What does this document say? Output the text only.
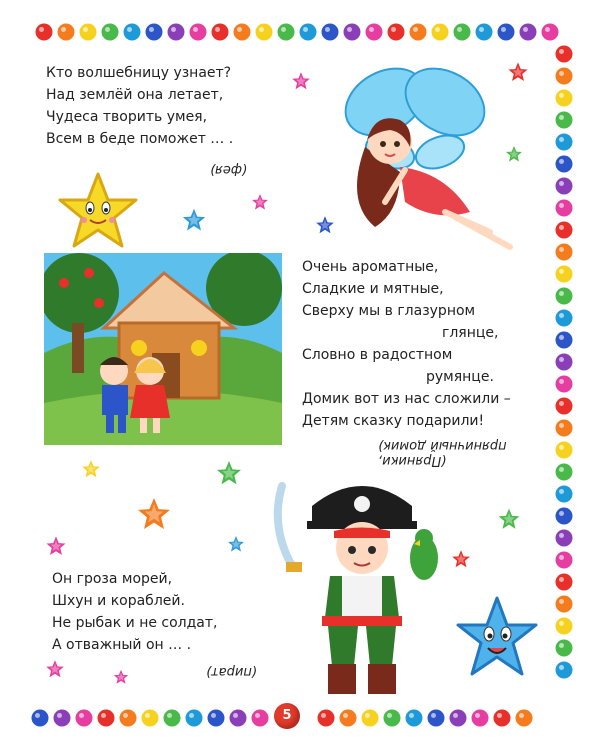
Кто волшебницу узнает?
Над землёй она летает,
Чудеса творить умея,
Всем в беде поможет … .
(фея)
Очень ароматные,
Сладкие и мятные,
Сверху мы в глазурном
глянце,
Словно в радостном
румянце.
Домик вот из нас сложили –
Детям сказку подарили!
(Пряники,
пряничный домик)
Он гроза морей,
Шхун и кораблей.
Не рыбак и не солдат,
А отважный он … .
(пират)
5
